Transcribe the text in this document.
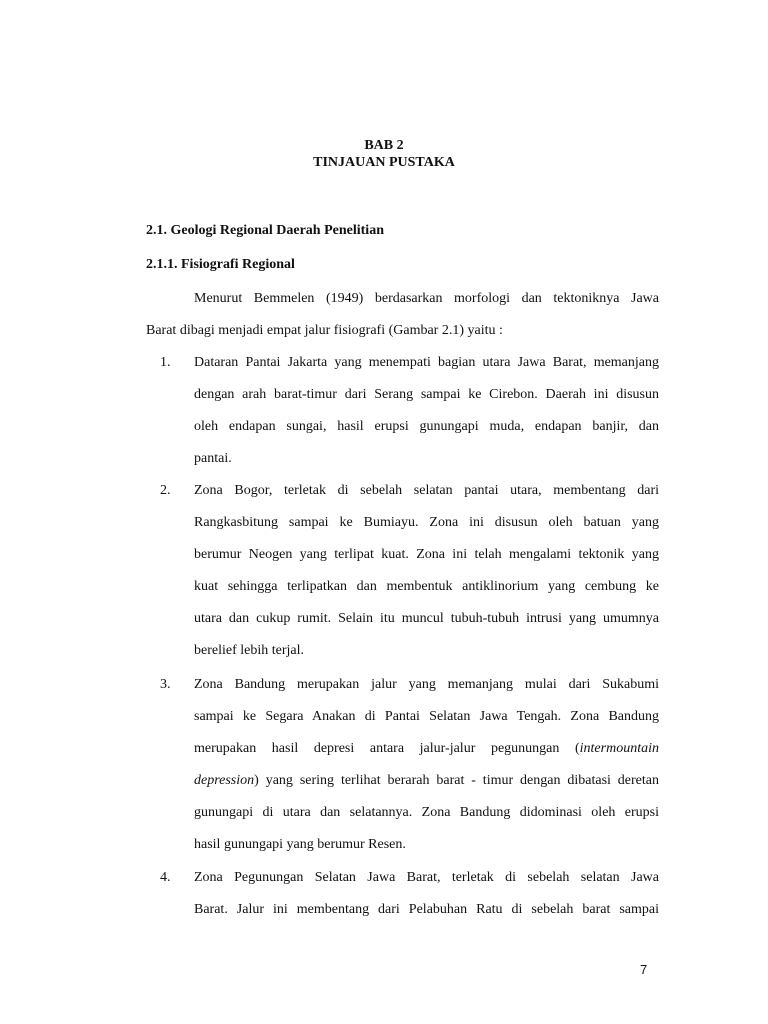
BAB 2
TINJAUAN PUSTAKA
2.1. Geologi Regional Daerah Penelitian
2.1.1. Fisiografi Regional
Menurut Bemmelen (1949) berdasarkan morfologi dan tektoniknya Jawa
Barat dibagi menjadi empat jalur fisiografi (Gambar 2.1) yaitu :
1. Dataran Pantai Jakarta yang menempati bagian utara Jawa Barat, memanjang
dengan arah barat-timur dari Serang sampai ke Cirebon. Daerah ini disusun
oleh endapan sungai, hasil erupsi gunungapi muda, endapan banjir, dan
pantai.
2. Zona Bogor, terletak di sebelah selatan pantai utara, membentang dari
Rangkasbitung sampai ke Bumiayu. Zona ini disusun oleh batuan yang
berumur Neogen yang terlipat kuat. Zona ini telah mengalami tektonik yang
kuat sehingga terlipatkan dan membentuk antiklinorium yang cembung ke
utara dan cukup rumit. Selain itu muncul tubuh-tubuh intrusi yang umumnya
berelief lebih terjal.
3. Zona Bandung merupakan jalur yang memanjang mulai dari Sukabumi
sampai ke Segara Anakan di Pantai Selatan Jawa Tengah. Zona Bandung
merupakan hasil depresi antara jalur-jalur pegunungan (intermountain
depression) yang sering terlihat berarah barat - timur dengan dibatasi deretan
gunungapi di utara dan selatannya. Zona Bandung didominasi oleh erupsi
hasil gunungapi yang berumur Resen.
4. Zona Pegunungan Selatan Jawa Barat, terletak di sebelah selatan Jawa
Barat. Jalur ini membentang dari Pelabuhan Ratu di sebelah barat sampai
7
